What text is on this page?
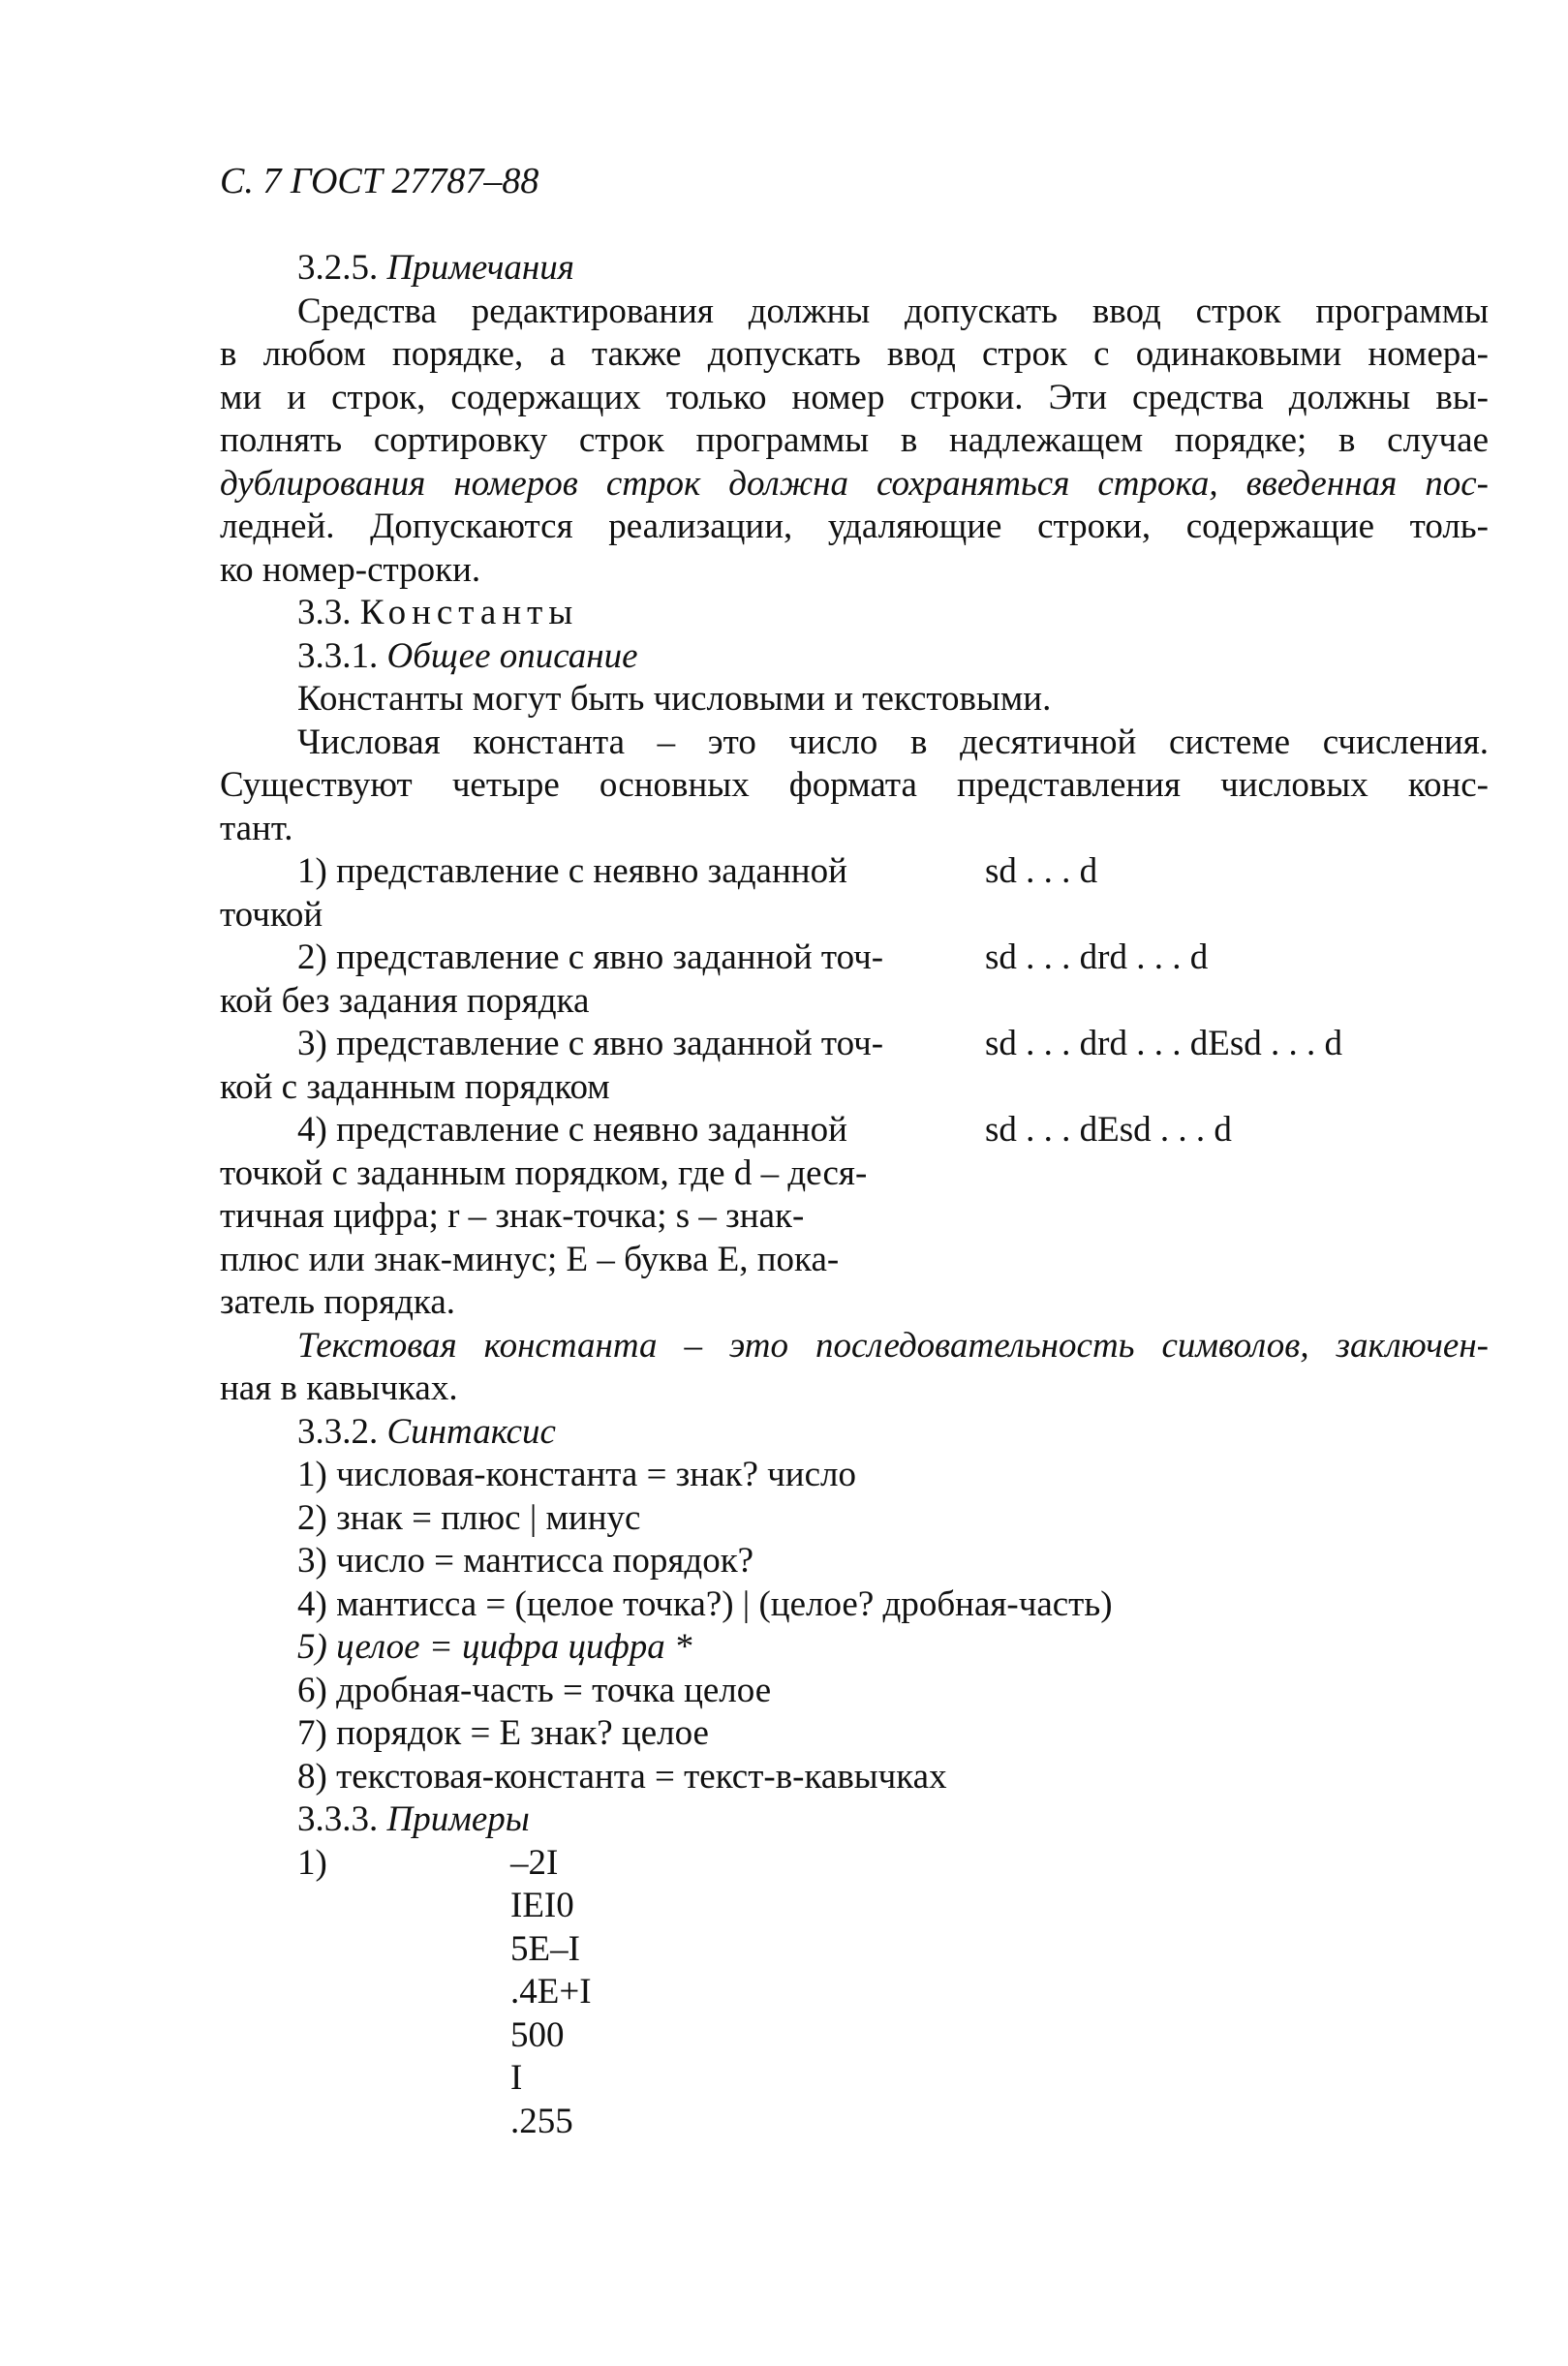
С. 7 ГОСТ 27787–88
3.2.5. Примечания
Средства редактирования должны допускать ввод строк программы
в любом порядке, а также допускать ввод строк с одинаковыми номера-
ми и строк, содержащих только номер строки. Эти средства должны вы-
полнять сортировку строк программы в надлежащем порядке; в случае
дублирования номеров строк должна сохраняться строка, введенная пос-
ледней. Допускаются реализации, удаляющие строки, содержащие толь-
ко номер-строки.
3.3. Константы
3.3.1. Общее описание
Константы могут быть числовыми и текстовыми.
Числовая константа – это число в десятичной системе счисления.
Существуют четыре основных формата представления числовых конс-
тант.
1) представление с неявно заданной	sd . . . d
точкой
2) представление с явно заданной точ-	sd . . . drd . . . d
кой без задания порядка
3) представление с явно заданной точ-	sd . . . drd . . . dEsd . . . d
кой с заданным порядком
4) представление с неявно заданной	sd . . . dEsd . . . d
точкой с заданным порядком, где d – деся-
тичная цифра; r – знак-точка; s – знак-
плюс или знак-минус; E – буква E, пока-
затель порядка.
Текстовая константа – это последовательность символов, заключен-
ная в кавычках.
3.3.2. Синтаксис
1) числовая-константа = знак? число
2) знак = плюс | минус
3) число = мантисса порядок?
4) мантисса = (целое точка?) | (целое? дробная-часть)
5) целое = цифра цифра *
6) дробная-часть = точка целое
7) порядок = E знак? целое
8) текстовая-константа = текст-в-кавычках
3.3.3. Примеры
1)	–2I
IEI0
5E–I
.4E+I
500
I
.255
